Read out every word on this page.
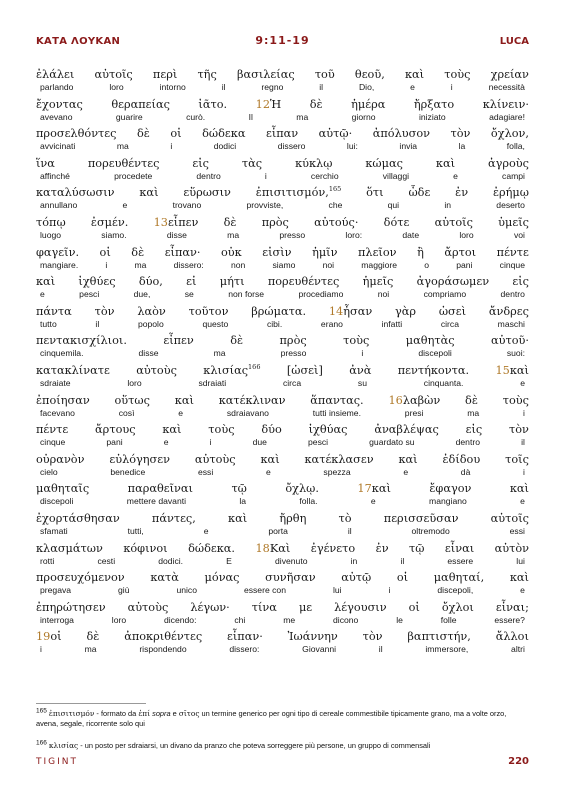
ΚΑΤΑ ΛΟΥΚΑΝ	9:11-19	LUCA
ἐλάλει αὐτοῖς περὶ τῆς βασιλείας τοῦ θεοῦ, καὶ τοὺς χρείαν
parlando	loro	intorno	il	regno	il	Dio,	e	i	necessità
ἔχοντας	θεραπείας	ἰᾶτο.	12Ἡ	δὲ	ἡμέρα	ἤρξατο	κλίνειν·
avevano	guarire	curò.	Il	ma	giorno	iniziato	adagiare!
προσελθόντες δὲ οἱ δώδεκα εἶπαν αὐτῷ· ἀπόλυσον τὸν ὄχλον,
avvicinati	ma	i	dodici	dissero	lui:	invia	la	folla,
ἵνα	πορευθέντες	εἰς	τὰς	κύκλῳ	κώμας	καὶ	ἀγροὺς
affinché	procedete	dentro	i	cerchio	villaggi	e	campi
καταλύσωσιν καὶ εὕρωσιν ἐπισιτισμόν,$^{165}$ ὅτι ὧδε ἐν ἐρήμῳ
annullano	e	trovano	provviste,	che	qui	in	deserto
τόπῳ ἐσμέν. 13εἶπεν δὲ πρὸς αὐτούς· δότε αὐτοῖς ὑμεῖς
luogo	siamo.	disse	ma	presso	loro:	date	loro	voi
φαγεῖν. οἱ δὲ εἶπαν· οὐκ εἰσὶν ἡμῖν πλεῖον ἢ ἄρτοι πέντε
mangiare.	i	ma	dissero:	non	siamo	noi	maggiore	o	pani	cinque
καὶ ἰχθύες δύο, εἰ μήτι πορευθέντες ἡμεῖς ἀγοράσωμεν εἰς
e	pesci	due,	se	non forse	procediamo	noi	compriamo	dentro
πάντα τὸν λαὸν τοῦτον βρώματα. 14ἦσαν γὰρ ὡσεὶ ἄνδρες
tutto	il	popolo	questo	cibi.	erano	infatti	circa	maschi
πεντακισχίλιοι.	εἶπεν	δὲ	πρὸς	τοὺς	μαθητὰς	αὐτοῦ·
cinquemila.	disse	ma	presso	i	discepoli	suoi:
κατακλίνατε αὐτοὺς κλισίας$^{166}$ [ὡσεὶ] ἀνὰ πεντήκοντα. 15καὶ
sdraiate	loro	sdraiati	circa	su	cinquanta.	e
ἐποίησαν οὕτως καὶ κατέκλιναν ἅπαντας. 16λαβὼν δὲ τοὺς
facevano	così	e	sdraiavano	tutti insieme.	presi	ma	i
πέντε ἄρτους καὶ τοὺς δύο ἰχθύας ἀναβλέψας εἰς τὸν
cinque	pani	e	i	due	pesci	guardato su	dentro	il
οὐρανὸν εὐλόγησεν αὐτοὺς καὶ κατέκλασεν καὶ ἐδίδου τοῖς
cielo	benedice	essi	e	spezza	e	dà	i
μαθηταῖς	παραθεῖναι	τῷ	ὄχλῳ.	17καὶ	ἔφαγον	καὶ
discepoli	mettere davanti	la	folla.	e	mangiano	e
ἐχορτάσθησαν	πάντες,	καὶ	ἤρθη	τὸ	περισσεῦσαν	αὐτοῖς
sfamati	tutti,	e	porta	il	oltremodo	essi
κλασμάτων κόφινοι δώδεκα. 18Καὶ ἐγένετο ἐν τῷ εἶναι αὐτὸν
rotti	cesti	dodici.	E	divenuto	in	il	essere	lui
προσευχόμενον κατὰ μόνας συνῆσαν αὐτῷ οἱ μαθηταί, καὶ
pregava	giù	unico	essere con	lui	i	discepoli,	e
ἐπηρώτησεν αὐτοὺς λέγων· τίνα με λέγουσιν οἱ ὄχλοι εἶναι;
interroga	loro	dicendo:	chi	me	dicono	le	folle	essere?
19οἱ δὲ ἀποκριθέντες εἶπαν· Ἰωάννην τὸν βαπτιστήν, ἄλλοι
i	ma	rispondendo	dissero:	Giovanni	il	immersore,	altri
$^{165}$ ἐπισιτισμόν - formato da ἐπί sopra e σῖτος un termine generico per ogni tipo di cereale commestibile tipicamente grano, ma a volte orzo, avena, segale, ricorrente solo qui
$^{166}$ κλισίας - un posto per sdraiarsi, un divano da pranzo che poteva sorreggere più persone, un gruppo di commensali
TIGINT	220
